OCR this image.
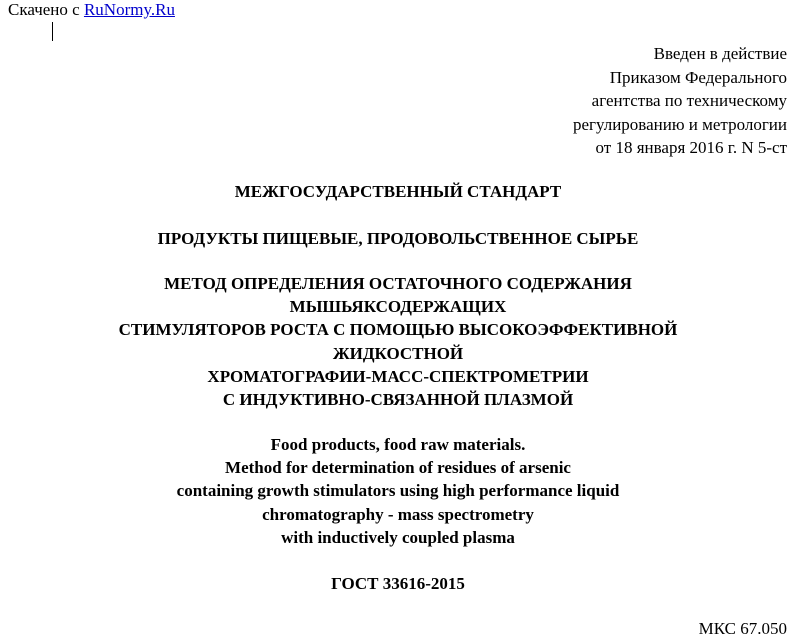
Скачено с RuNormy.Ru
Введен в действие
Приказом Федерального
агентства по техническому
регулированию и метрологии
от 18 января 2016 г. N 5-ст
МЕЖГОСУДАРСТВЕННЫЙ СТАНДАРТ
ПРОДУКТЫ ПИЩЕВЫЕ, ПРОДОВОЛЬСТВЕННОЕ СЫРЬЕ
МЕТОД ОПРЕДЕЛЕНИЯ ОСТАТОЧНОГО СОДЕРЖАНИЯ
МЫШЬЯКСОДЕРЖАЩИХ
СТИМУЛЯТОРОВ РОСТА С ПОМОЩЬЮ ВЫСОКОЭФФЕКТИВНОЙ
ЖИДКОСТНОЙ
ХРОМАТОГРАФИИ-МАСС-СПЕКТРОМЕТРИИ
С ИНДУКТИВНО-СВЯЗАННОЙ ПЛАЗМОЙ
Food products, food raw materials.
Method for determination of residues of arsenic
containing growth stimulators using high performance liquid
chromatography - mass spectrometry
with inductively coupled plasma
ГОСТ 33616-2015
МКС 67.050
